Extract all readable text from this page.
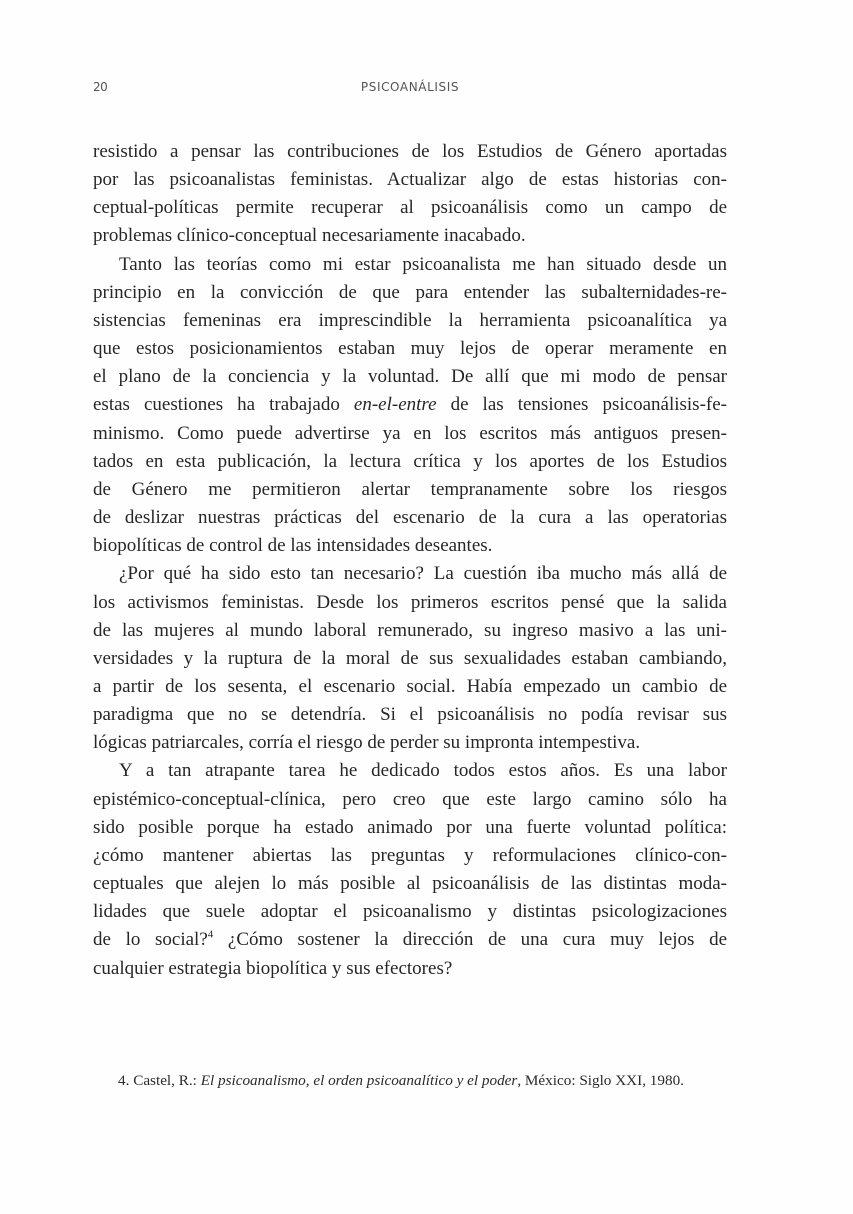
20	PSICOANÁLISIS

resistido a pensar las contribuciones de los Estudios de Género aportadas
por las psicoanalistas feministas. Actualizar algo de estas historias con-
ceptual-políticas permite recuperar al psicoanálisis como un campo de
problemas clínico-conceptual necesariamente inacabado.

Tanto las teorías como mi estar psicoanalista me han situado desde un
principio en la convicción de que para entender las subalternidades-re-
sistencias femeninas era imprescindible la herramienta psicoanalítica ya
que estos posicionamientos estaban muy lejos de operar meramente en
el plano de la conciencia y la voluntad. De allí que mi modo de pensar
estas cuestiones ha trabajado en-el-entre de las tensiones psicoanálisis-fe-
minismo. Como puede advertirse ya en los escritos más antiguos presen-
tados en esta publicación, la lectura crítica y los aportes de los Estudios
de Género me permitieron alertar tempranamente sobre los riesgos
de deslizar nuestras prácticas del escenario de la cura a las operatorias
biopolíticas de control de las intensidades deseantes.

¿Por qué ha sido esto tan necesario? La cuestión iba mucho más allá de
los activismos feministas. Desde los primeros escritos pensé que la salida
de las mujeres al mundo laboral remunerado, su ingreso masivo a las uni-
versidades y la ruptura de la moral de sus sexualidades estaban cambiando,
a partir de los sesenta, el escenario social. Había empezado un cambio de
paradigma que no se detendría. Si el psicoanálisis no podía revisar sus
lógicas patriarcales, corría el riesgo de perder su impronta intempestiva.

Y a tan atrapante tarea he dedicado todos estos años. Es una labor
epistémico-conceptual-clínica, pero creo que este largo camino sólo ha
sido posible porque ha estado animado por una fuerte voluntad política:
¿cómo mantener abiertas las preguntas y reformulaciones clínico-con-
ceptuales que alejen lo más posible al psicoanálisis de las distintas moda-
lidades que suele adoptar el psicoanalismo y distintas psicologizaciones
de lo social?$^4$ ¿Cómo sostener la dirección de una cura muy lejos de
cualquier estrategia biopolítica y sus efectores?

4. Castel, R.: El psicoanalismo, el orden psicoanalítico y el poder, México: Siglo XXI, 1980.
